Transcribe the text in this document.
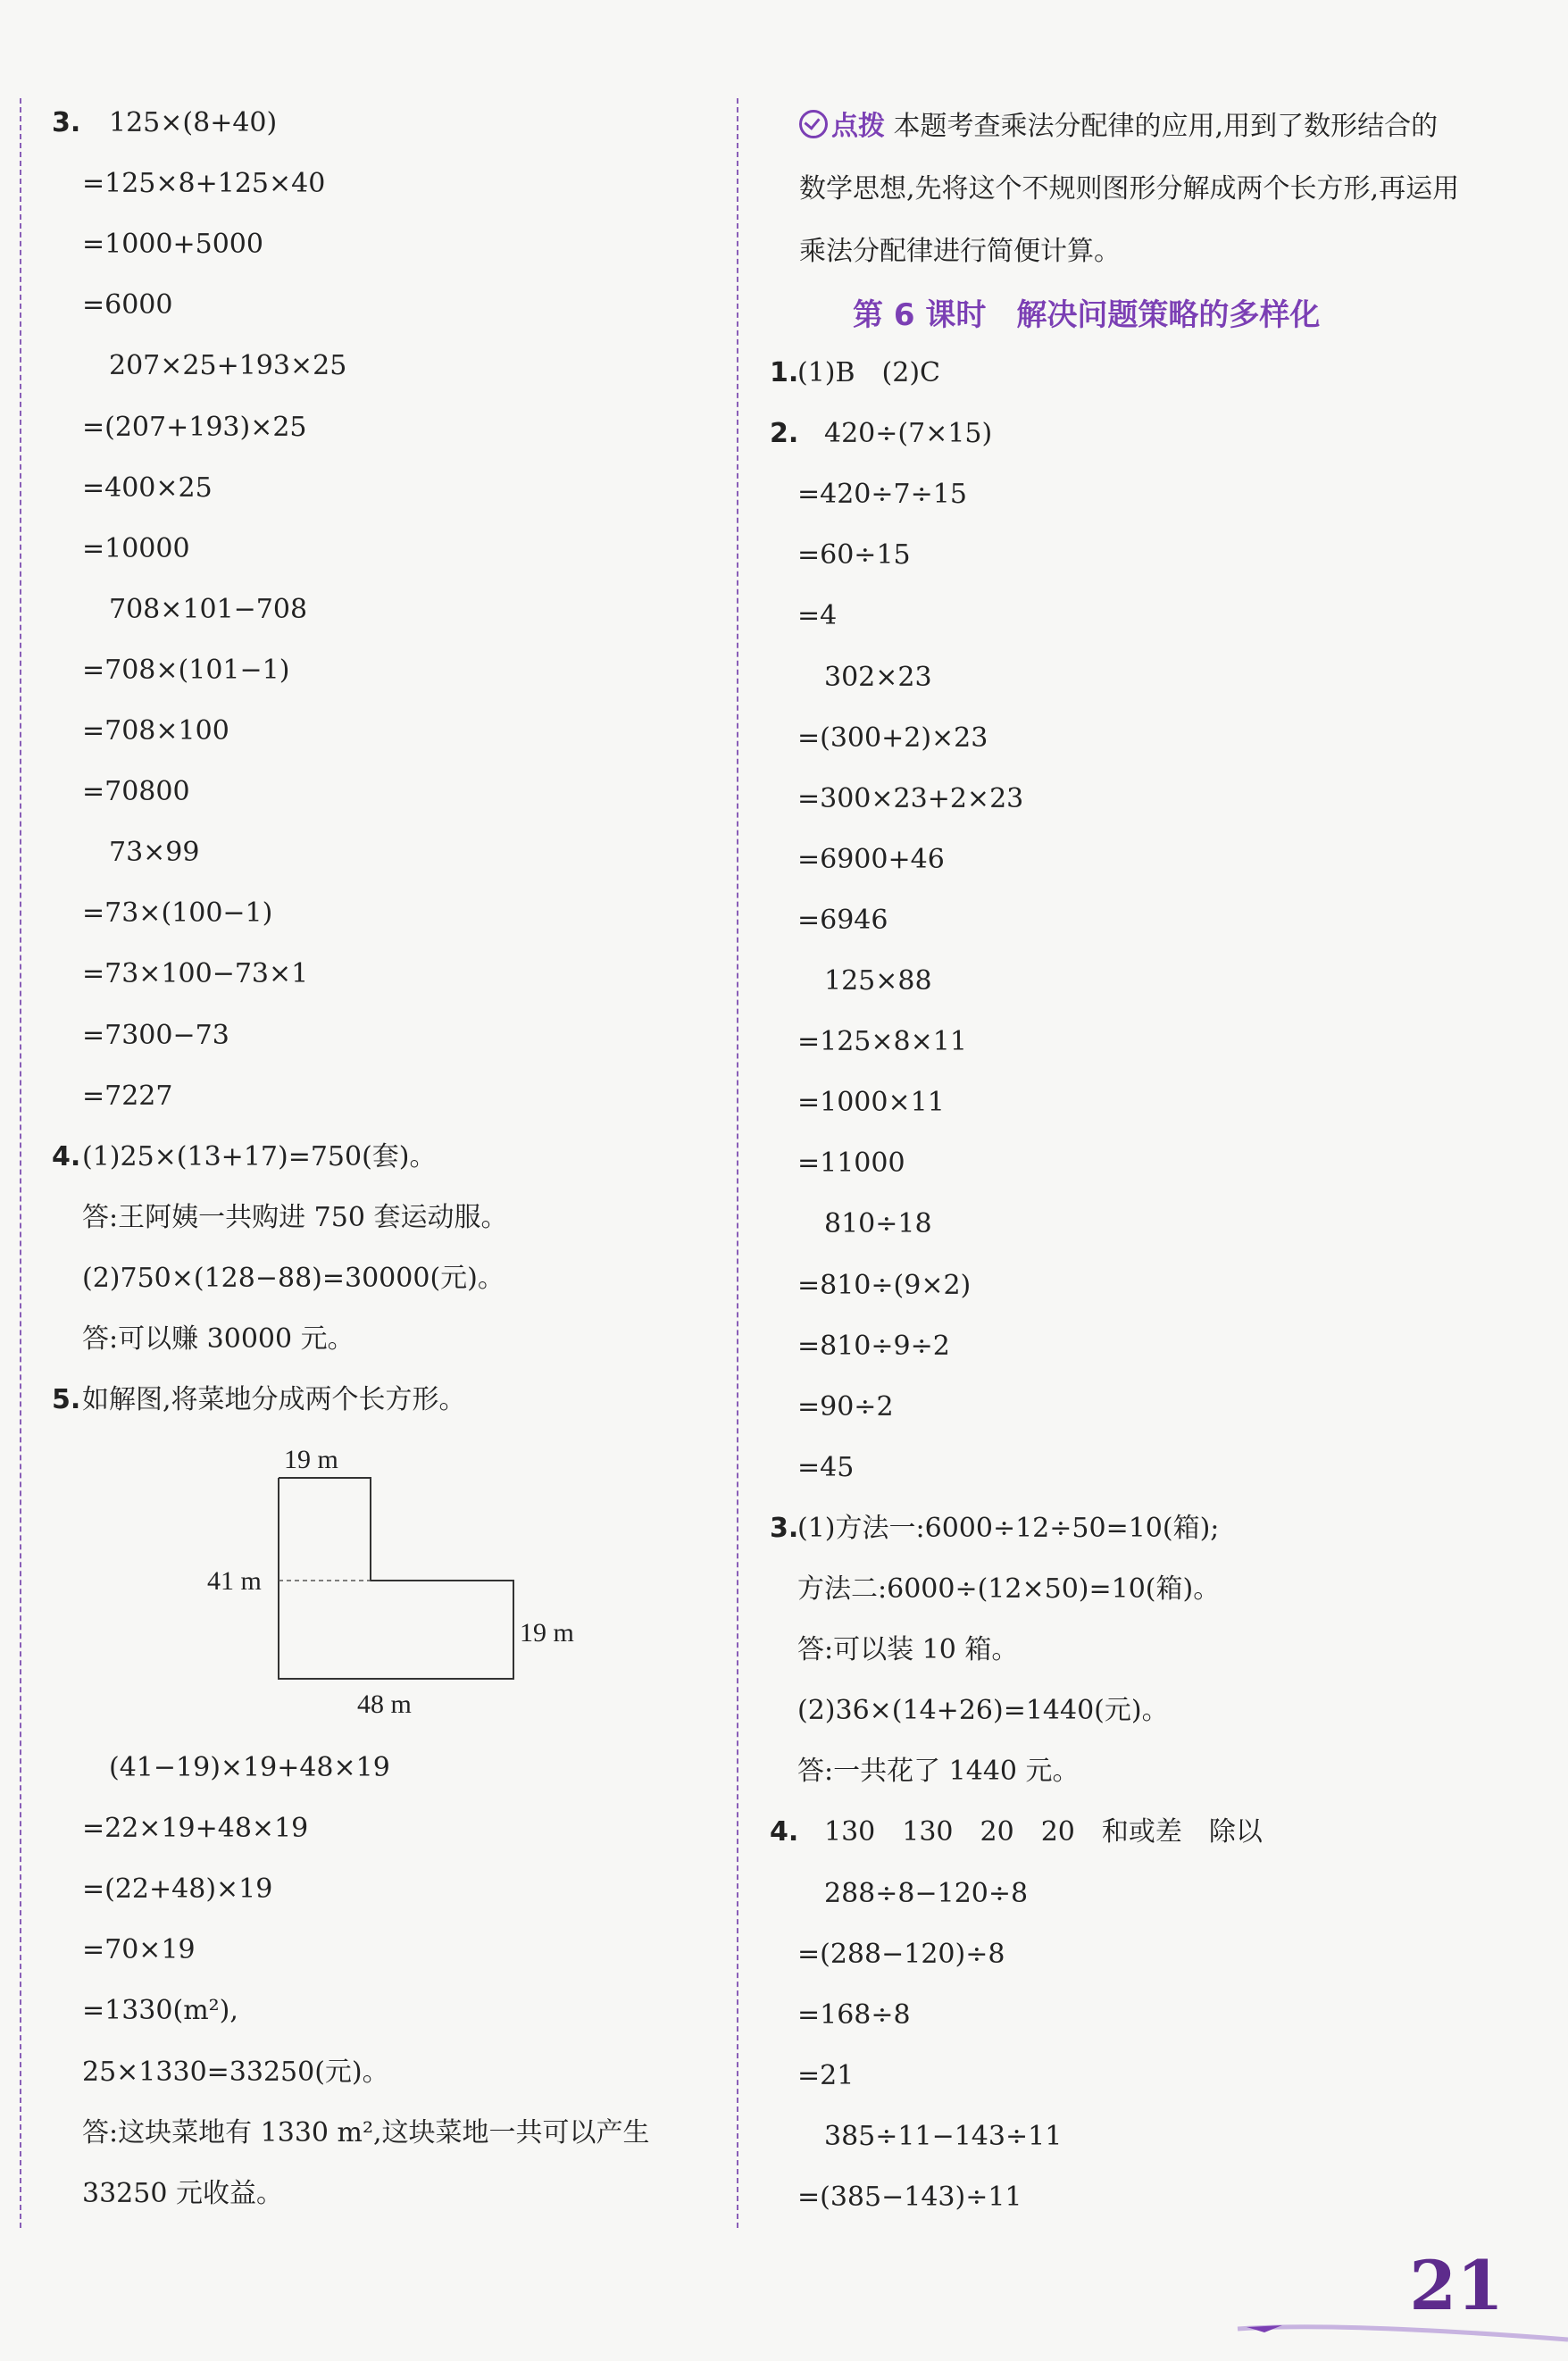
3. 125×(8+40)
=125×8+125×40
=1000+5000
=6000
207×25+193×25
=(207+193)×25
=400×25
=10000
708×101−708
=708×(101−1)
=708×100
=70800
73×99
=73×(100−1)
=73×100−73×1
=7300−73
=7227
4. (1)25×(13+17)=750(套)。
答:王阿姨一共购进 750 套运动服。
(2)750×(128−88)=30000(元)。
答:可以赚 30000 元。
5. 如解图,将菜地分成两个长方形。
19 m
41 m
19 m
48 m
(41−19)×19+48×19
=22×19+48×19
=(22+48)×19
=70×19
=1330(m²),
25×1330=33250(元)。
答:这块菜地有 1330 m²,这块菜地一共可以产生
33250 元收益。
点拨 本题考查乘法分配律的应用,用到了数形结合的数学思想,先将这个不规则图形分解成两个长方形,再运用乘法分配律进行简便计算。
第 6 课时　解决问题策略的多样化
1.
(1)B　(2)C
2. 420÷(7×15)
=420÷7÷15
=60÷15
=4
302×23
=(300+2)×23
=300×23+2×23
=6900+46
=6946
125×88
=125×8×11
=1000×11
=11000
810÷18
=810÷(9×2)
=810÷9÷2
=90÷2
=45
3.
(1)方法一:6000÷12÷50=10(箱);
方法二:6000÷(12×50)=10(箱)。
答:可以装 10 箱。
(2)36×(14+26)=1440(元)。
答:一共花了 1440 元。
4. 130　130　20　20　和或差　除以
288÷8−120÷8
=(288−120)÷8
=168÷8
=21
385÷11−143÷11
=(385−143)÷11
21
